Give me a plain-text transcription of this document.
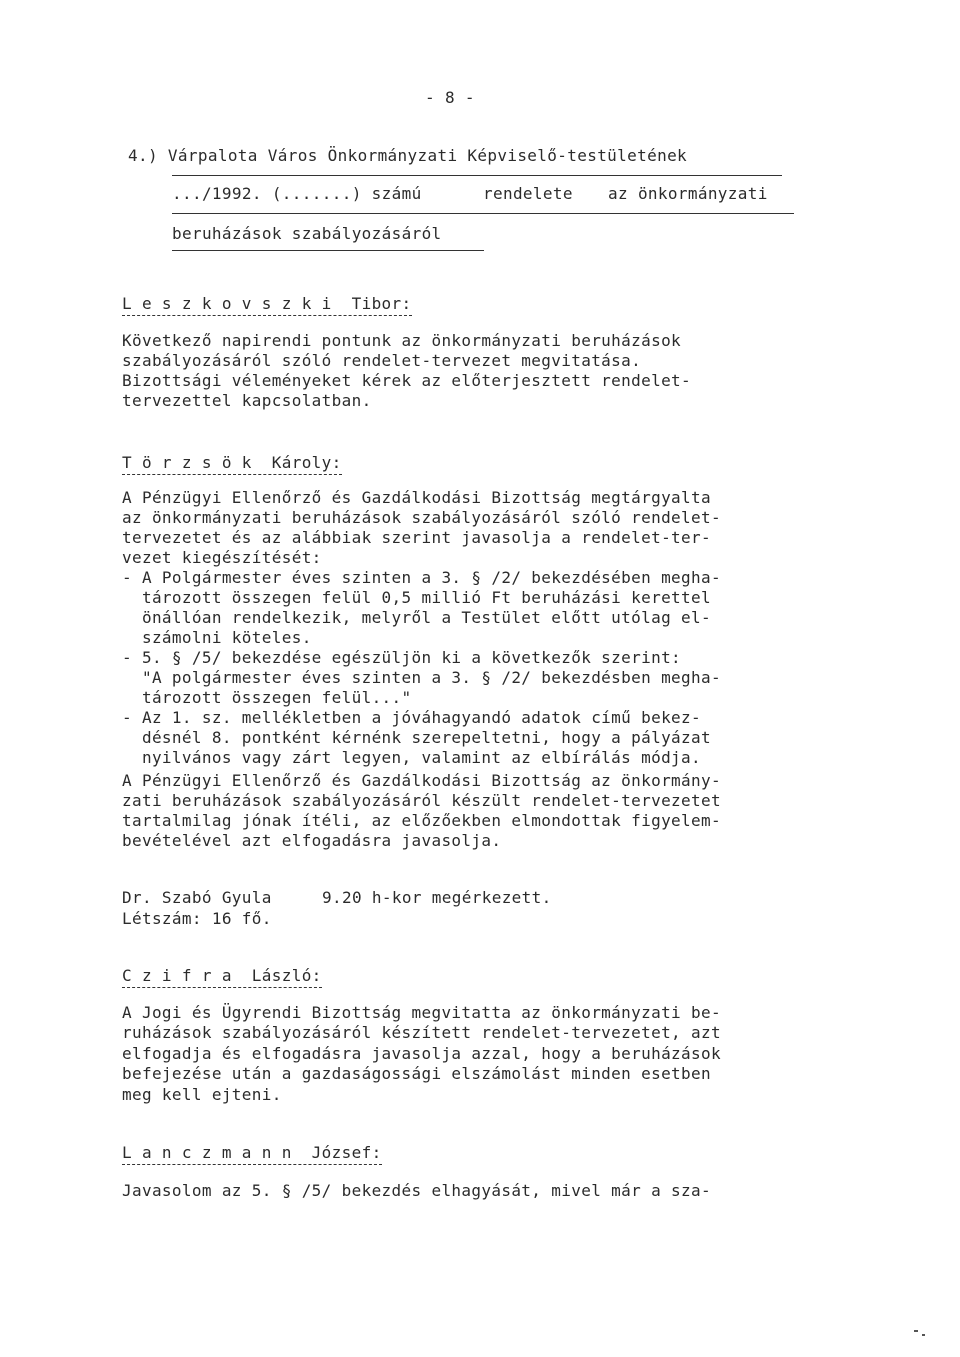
- 8 -
4.) Várpalota Város Önkormányzati Képviselő-testületének
.../1992. (.......) számú	rendelete az önkormányzati
beruházások szabályozásáról
L e s z k o v s z k i  Tibor:
Következő napirendi pontunk az önkormányzati beruházások
szabályozásáról szóló rendelet-tervezet megvitatása.
Bizottsági véleményeket kérek az előterjesztett rendelet-
tervezettel kapcsolatban.
T ö r z s ö k  Károly:
A Pénzügyi Ellenőrző és Gazdálkodási Bizottság megtárgyalta
az önkormányzati beruházások szabályozásáról szóló rendelet-
tervezetet és az alábbiak szerint javasolja a rendelet-ter-
vezet kiegészítését:
- A Polgármester éves szinten a 3. § /2/ bekezdésében megha-
tározott összegen felül 0,5 millió Ft beruházási kerettel
önállóan rendelkezik, melyről a Testület előtt utólag el-
számolni köteles.
- 5. § /5/ bekezdése egészüljön ki a következők szerint:
"A polgármester éves szinten a 3. § /2/ bekezdésben megha-
tározott összegen felül..."
- Az 1. sz. mellékletben a jóváhagyandó adatok című bekez-
désnél 8. pontként kérnénk szerepeltetni, hogy a pályázat
nyilvános vagy zárt legyen, valamint az elbírálás módja.
A Pénzügyi Ellenőrző és Gazdálkodási Bizottság az önkormány-
zati beruházások szabályozásáról készült rendelet-tervezetet
tartalmilag jónak ítéli, az előzőekben elmondottak figyelem-
bevételével azt elfogadásra javasolja.
Dr. Szabó Gyula	9.20 h-kor megérkezett.
Létszám: 16 fő.
C z i f r a  László:
A Jogi és Ügyrendi Bizottság megvitatta az önkormányzati be-
ruházások szabályozásáról készített rendelet-tervezetet, azt
elfogadja és elfogadásra javasolja azzal, hogy a beruházások
befejezése után a gazdaságossági elszámolást minden esetben
meg kell ejteni.
L a n c z m a n n  József:
Javasolom az 5. § /5/ bekezdés elhagyását, mivel már a sza-
